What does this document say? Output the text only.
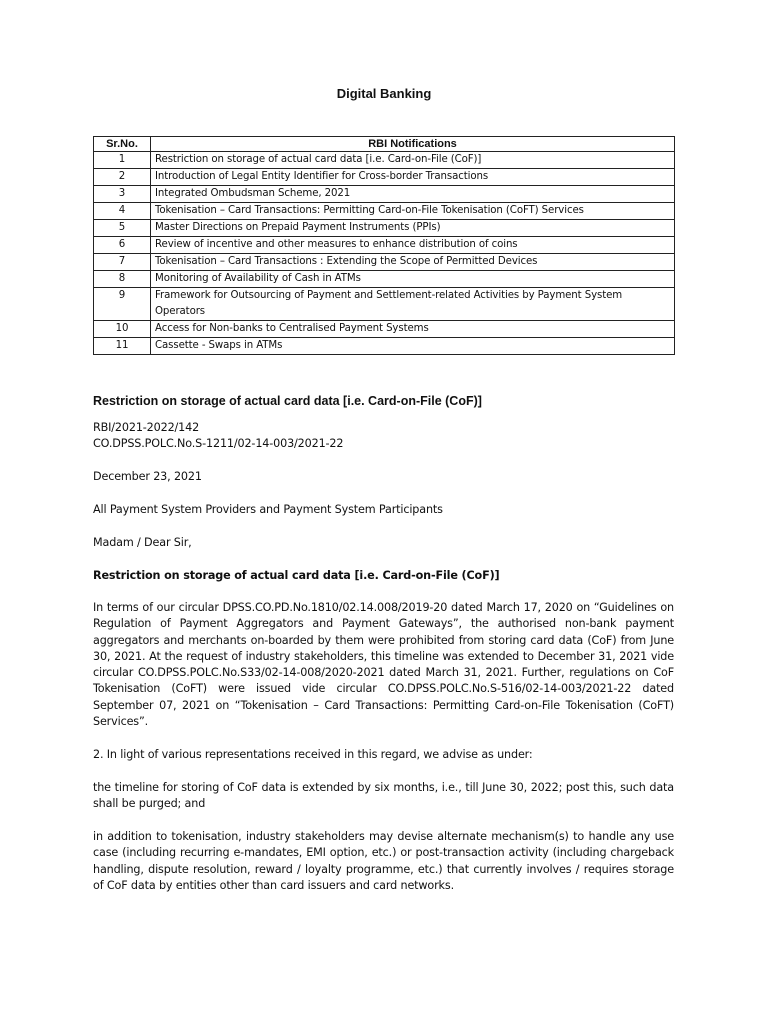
Digital Banking
Sr.No.	RBI Notifications
1	Restriction on storage of actual card data [i.e. Card-on-File (CoF)]
2	Introduction of Legal Entity Identifier for Cross-border Transactions
3	Integrated Ombudsman Scheme, 2021
4	Tokenisation – Card Transactions: Permitting Card-on-File Tokenisation (CoFT) Services
5	Master Directions on Prepaid Payment Instruments (PPIs)
6	Review of incentive and other measures to enhance distribution of coins
7	Tokenisation – Card Transactions : Extending the Scope of Permitted Devices
8	Monitoring of Availability of Cash in ATMs
9	Framework for Outsourcing of Payment and Settlement-related Activities by Payment System Operators
10	Access for Non-banks to Centralised Payment Systems
11	Cassette - Swaps in ATMs
Restriction on storage of actual card data [i.e. Card-on-File (CoF)]
RBI/2021-2022/142
CO.DPSS.POLC.No.S-1211/02-14-003/2021-22
December 23, 2021
All Payment System Providers and Payment System Participants
Madam / Dear Sir,
Restriction on storage of actual card data [i.e. Card-on-File (CoF)]
In terms of our circular DPSS.CO.PD.No.1810/02.14.008/2019-20 dated March 17, 2020 on “Guidelines on Regulation of Payment Aggregators and Payment Gateways”, the authorised non-bank payment aggregators and merchants on-boarded by them were prohibited from storing card data (CoF) from June 30, 2021. At the request of industry stakeholders, this timeline was extended to December 31, 2021 vide circular CO.DPSS.POLC.No.S33/02-14-008/2020-2021 dated March 31, 2021. Further, regulations on CoF Tokenisation (CoFT) were issued vide circular CO.DPSS.POLC.No.S-516/02-14-003/2021-22 dated September 07, 2021 on “Tokenisation – Card Transactions: Permitting Card-on-File Tokenisation (CoFT) Services”.
2. In light of various representations received in this regard, we advise as under:
the timeline for storing of CoF data is extended by six months, i.e., till June 30, 2022; post this, such data shall be purged; and
in addition to tokenisation, industry stakeholders may devise alternate mechanism(s) to handle any use case (including recurring e-mandates, EMI option, etc.) or post-transaction activity (including chargeback handling, dispute resolution, reward / loyalty programme, etc.) that currently involves / requires storage of CoF data by entities other than card issuers and card networks.
